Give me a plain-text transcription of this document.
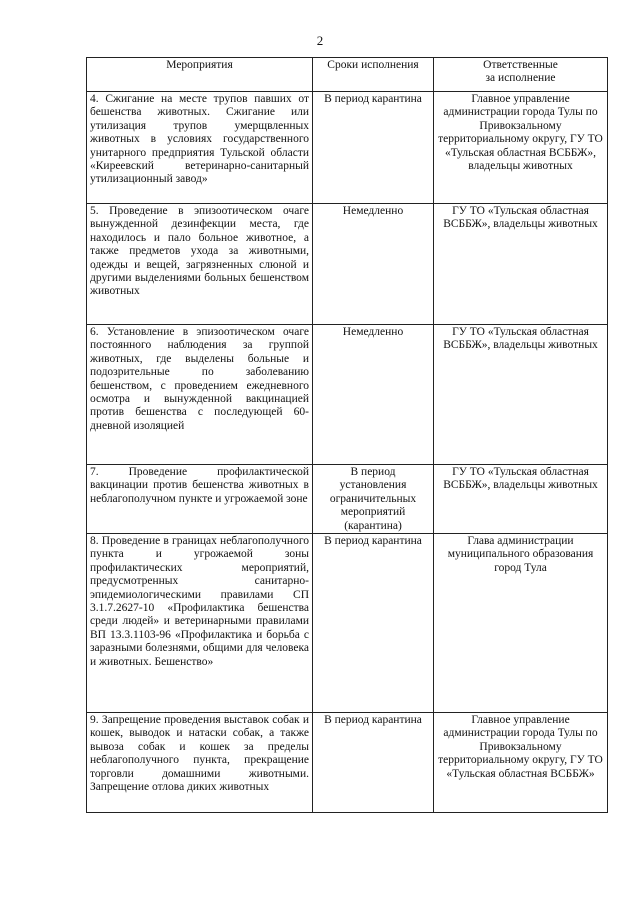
2
Мероприятия	Сроки исполнения	Ответственные
за исполнение
4. Сжигание на месте трупов павших от бешенства животных. Сжигание или утилизация трупов умерщвленных животных в условиях государственного унитарного предприятия Тульской области «Киреевский ветеринарно-санитарный утилизационный завод»	В период карантина	Главное управление администрации города Тулы по Привокзальному территориальному округу, ГУ ТО «Тульская областная ВСББЖ», владельцы животных
5. Проведение в эпизоотическом очаге вынужденной дезинфекции места, где находилось и пало больное животное, а также предметов ухода за животными, одежды и вещей, загрязненных слюной и другими выделениями больных бешенством животных	Немедленно	ГУ ТО «Тульская областная ВСББЖ», владельцы животных
6. Установление в эпизоотическом очаге постоянного наблюдения за группой животных, где выделены больные и подозрительные по заболеванию бешенством, с проведением ежедневного осмотра и вынужденной вакцинацией против бешенства с последующей 60-дневной изоляцией	Немедленно	ГУ ТО «Тульская областная ВСББЖ», владельцы животных
7. Проведение профилактической вакцинации против бешенства животных в неблагополучном пункте и угрожаемой зоне	В период установления ограничительных мероприятий (карантина)	ГУ ТО «Тульская областная ВСББЖ», владельцы животных
8. Проведение в границах неблагополучного пункта и угрожаемой зоны профилактических мероприятий, предусмотренных санитарно-эпидемиологическими правилами СП 3.1.7.2627-10 «Профилактика бешенства среди людей» и ветеринарными правилами ВП 13.3.1103-96 «Профилактика и борьба с заразными болезнями, общими для человека и животных. Бешенство»	В период карантина	Глава администрации муниципального образования город Тула
9. Запрещение проведения выставок собак и кошек, выводок и натаски собак, а также вывоза собак и кошек за пределы неблагополучного пункта, прекращение торговли домашними животными. Запрещение отлова диких животных	В период карантина	Главное управление администрации города Тулы по Привокзальному территориальному округу, ГУ ТО «Тульская областная ВСББЖ»
